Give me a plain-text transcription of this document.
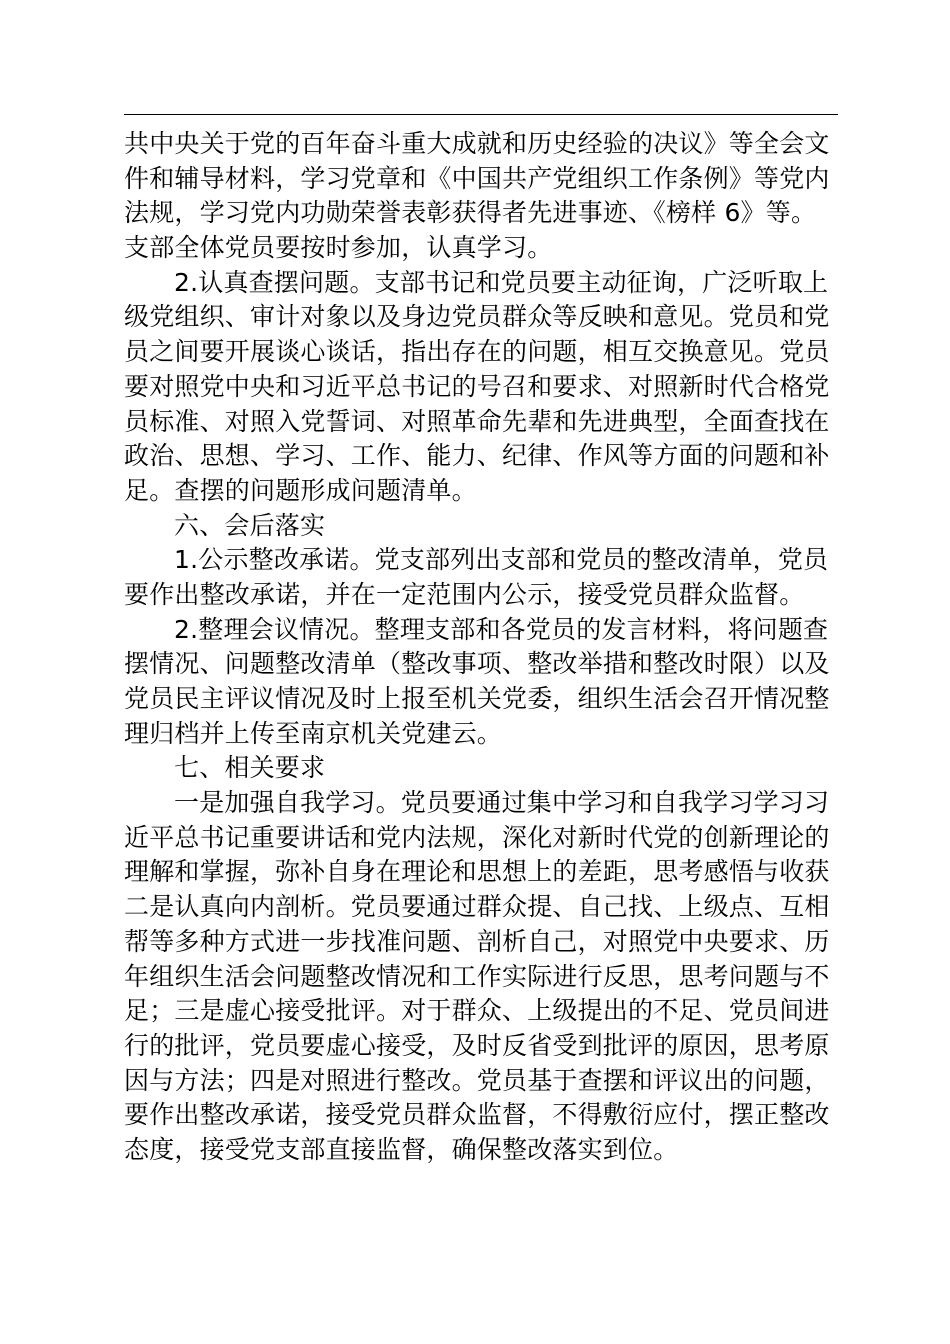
共中央关于党的百年奋斗重大成就和历史经验的决议》等全会文
件和辅导材料，学习党章和《中国共产党组织工作条例》等党内
法规，学习党内功勋荣誉表彰获得者先进事迹、《榜样 6》等。
支部全体党员要按时参加，认真学习。
2.认真查摆问题。支部书记和党员要主动征询，广泛听取上
级党组织、审计对象以及身边党员群众等反映和意见。党员和党
员之间要开展谈心谈话，指出存在的问题，相互交换意见。党员
要对照党中央和习近平总书记的号召和要求、对照新时代合格党
员标准、对照入党誓词、对照革命先辈和先进典型，全面查找在
政治、思想、学习、工作、能力、纪律、作风等方面的问题和补
足。查摆的问题形成问题清单。
六、会后落实
1.公示整改承诺。党支部列出支部和党员的整改清单，党员
要作出整改承诺，并在一定范围内公示，接受党员群众监督。
2.整理会议情况。整理支部和各党员的发言材料，将问题查
摆情况、问题整改清单（整改事项、整改举措和整改时限）以及
党员民主评议情况及时上报至机关党委，组织生活会召开情况整
理归档并上传至南京机关党建云。
七、相关要求
一是加强自我学习。党员要通过集中学习和自我学习学习习
近平总书记重要讲话和党内法规，深化对新时代党的创新理论的
理解和掌握，弥补自身在理论和思想上的差距，思考感悟与收获
二是认真向内剖析。党员要通过群众提、自己找、上级点、互相
帮等多种方式进一步找准问题、剖析自己，对照党中央要求、历
年组织生活会问题整改情况和工作实际进行反思，思考问题与不
足；三是虚心接受批评。对于群众、上级提出的不足、党员间进
行的批评，党员要虚心接受，及时反省受到批评的原因，思考原
因与方法；四是对照进行整改。党员基于查摆和评议出的问题，
要作出整改承诺，接受党员群众监督，不得敷衍应付，摆正整改
态度，接受党支部直接监督，确保整改落实到位。
